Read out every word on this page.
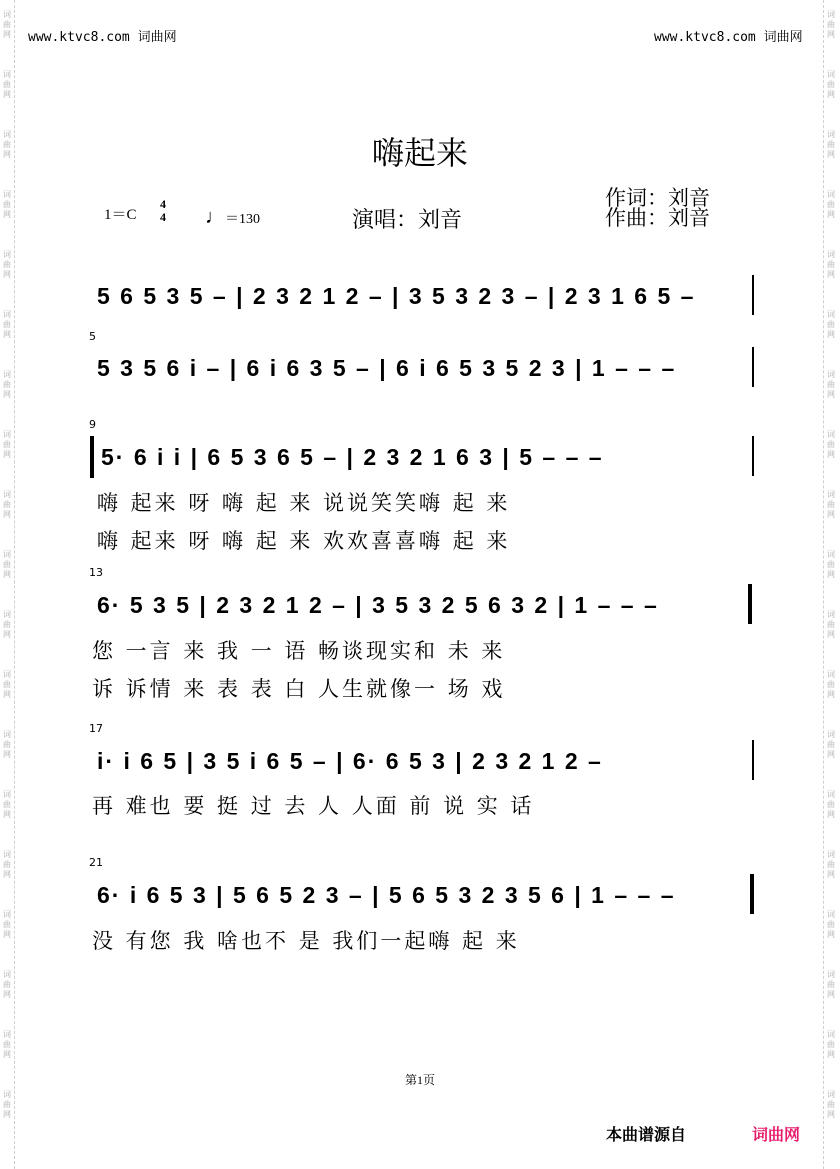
词
曲
网
词
曲
网
词
曲
网
词
曲
网
词
曲
网
词
曲
网
词
曲
网
词
曲
网
词
曲
网
词
曲
网
词
曲
网
词
曲
网
词
曲
网
词
曲
网
词
曲
网
词
曲
网
词
曲
网
词
曲
网
词
曲
网
词
曲
网
词
曲
网
词
曲
网
词
曲
网
词
曲
网
词
曲
网
词
曲
网
词
曲
网
词
曲
网
词
曲
网
词
曲
网
词
曲
网
词
曲
网
词
曲
网
词
曲
网
词
曲
网
词
曲
网
词
曲
网
词
曲
网
www.ktvc8.com 词曲网	www.ktvc8.com 词曲网
嗨起来
1＝C
4
4 ♩＝130	演唱：刘音
作词：刘音
作曲：刘音
5 6 5 3 5 – | 2 3 2 1 2 – | 3 5 3 2 3 – | 2 3 1 6 5 –
5
5 3 5 6 i – | 6 i 6 3 5 – | 6 i 6 5 3 5 2 3 | 1 – – –
9
5· 6 i i | 6 5 3 6 5 – | 2 3 2 1 6 3 | 5 – – –
嗨 起来 呀 嗨 起 来 说说笑笑嗨 起 来
嗨 起来 呀 嗨 起 来 欢欢喜喜嗨 起 来
13
6· 5 3 5 | 2 3 2 1 2 – | 3 5 3 2 5 6 3 2 | 1 – – –
您 一言 来 我 一 语 畅谈现实和 未 来
诉 诉情 来 表 表 白 人生就像一 场 戏
17
i· i 6 5 | 3 5 i 6 5 – | 6· 6 5 3 | 2 3 2 1 2 –
再 难也 要 挺 过 去 人 人面 前 说 实 话
21
6· i 6 5 3 | 5 6 5 2 3 – | 5 6 5 3 2 3 5 6 | 1 – – –
没 有您 我 啥也不 是 我们一起嗨 起 来
第1页
本曲谱源自	词曲网
